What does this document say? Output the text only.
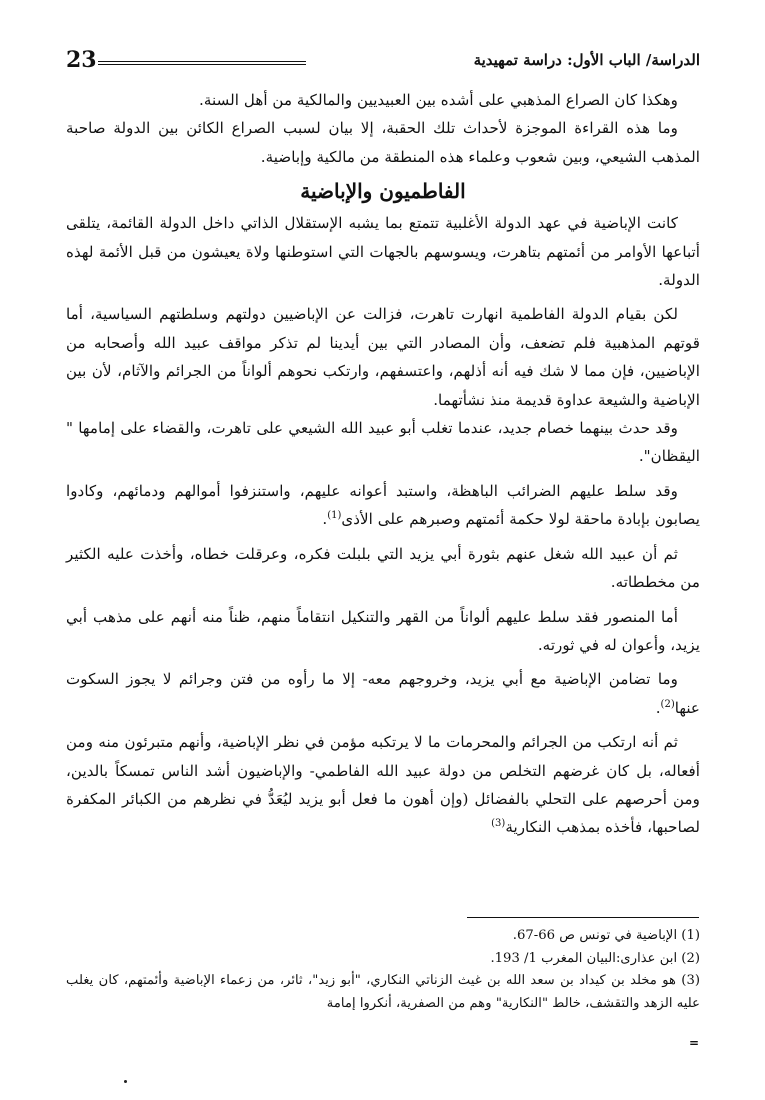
23	الدراسة/ الباب الأول: دراسة تمهيدية

وهكذا كان الصراع المذهبي على أشده بين العبيديين والمالكية من أهل السنة.

وما هذه القراءة الموجزة لأحداث تلك الحقبة، إلا بيان لسبب الصراع الكائن بين الدولة صاحبة المذهب الشيعي، وبين شعوب وعلماء هذه المنطقة من مالكية وإباضية.

الفاطميون والإباضية

كانت الإباضية في عهد الدولة الأغلبية تتمتع بما يشبه الإستقلال الذاتي داخل الدولة القائمة، يتلقى أتباعها الأوامر من أئمتهم بتاهرت، ويسوسهم بالجهات التي استوطنها ولاة يعيشون من قبل الأئمة لهذه الدولة.

لكن بقيام الدولة الفاطمية انهارت تاهرت، فزالت عن الإباضيين دولتهم وسلطتهم السياسية، أما قوتهم المذهبية فلم تضعف، وأن المصادر التي بين أيدينا لم تذكر مواقف عبيد الله وأصحابه من الإباضيين، فإن مما لا شك فيه أنه أذلهم، واعتسفهم، وارتكب نحوهم ألواناً من الجرائم والآثام، لأن بين الإباضية والشيعة عداوة قديمة منذ نشأتهما.

وقد حدث بينهما خصام جديد، عندما تغلب أبو عبيد الله الشيعي على تاهرت، والقضاء على إمامها " اليقظان".

وقد سلط عليهم الضرائب الباهظة، واستبد أعوانه عليهم، واستنزفوا أموالهم ودمائهم، وكادوا يصابون بإبادة ماحقة لولا حكمة أئمتهم وصبرهم على الأذى$^{(1)}$.

ثم أن عبيد الله شغل عنهم بثورة أبي يزيد التي بلبلت فكره، وعرقلت خطاه، وأخذت عليه الكثير من مخططاته.

أما المنصور فقد سلط عليهم ألواناً من القهر والتنكيل انتقاماً منهم، ظناً منه أنهم على مذهب أبي يزيد، وأعوان له في ثورته.

وما تضامن الإباضية مع أبي يزيد، وخروجهم معه- إلا ما رأوه من فتن وجرائم لا يجوز السكوت عنها$^{(2)}$.

ثم أنه ارتكب من الجرائم والمحرمات ما لا يرتكبه مؤمن في نظر الإباضية، وأنهم متبرئون منه ومن أفعاله، بل كان غرضهم التخلص من دولة عبيد الله الفاطمي- والإباضيون أشد الناس تمسكاً بالدين، ومن أحرصهم على التحلي بالفضائل (وإن أهون ما فعل أبو يزيد ليُعَدُّ في نظرهم من الكبائر المكفرة لصاحبها، فأخذه بمذهب النكارية$^{(3)}$

(1) الإباضية في تونس ص 66-67.
(2) ابن عذارى:البيان المغرب 1/ 193.
(3) هو مخلد بن كيداد بن سعد الله بن غيث الزناتي النكاري، "أبو زيد"، ثائر، من زعماء الإباضية وأئمتهم، كان يغلب عليه الزهد والتقشف، خالط "النكارية" وهم من الصفرية، أنكروا إمامة
=
